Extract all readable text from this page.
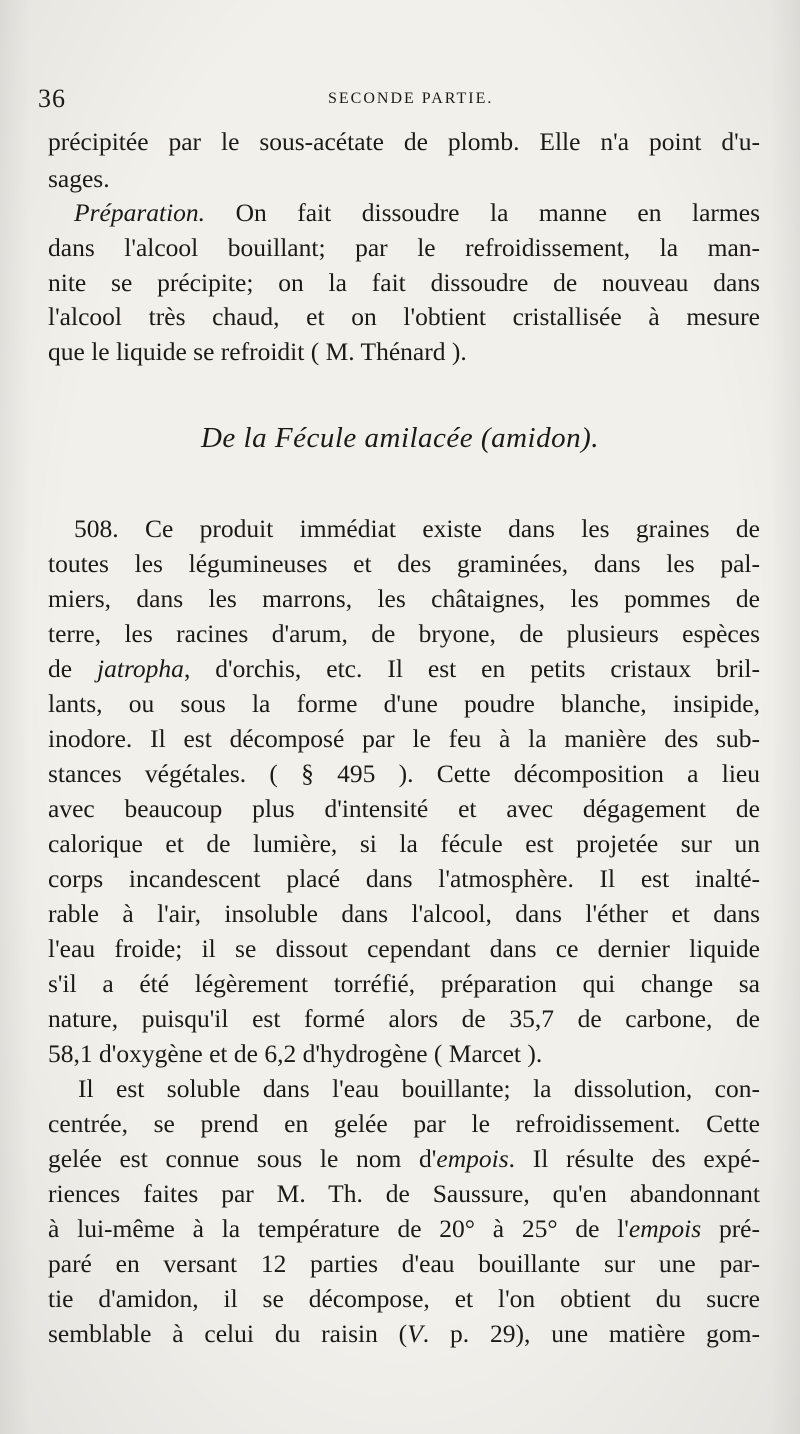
36	SECONDE PARTIE.
précipitée par le sous-acétate de plomb. Elle n'a point d'u-
sages.
Préparation. On fait dissoudre la manne en larmes
dans l'alcool bouillant; par le refroidissement, la man-
nite se précipite; on la fait dissoudre de nouveau dans
l'alcool très chaud, et on l'obtient cristallisée à mesure
que le liquide se refroidit ( M. Thénard ).
De la Fécule amilacée (amidon).
508. Ce produit immédiat existe dans les graines de
toutes les légumineuses et des graminées, dans les pal-
miers, dans les marrons, les châtaignes, les pommes de
terre, les racines d'arum, de bryone, de plusieurs espèces
de jatropha, d'orchis, etc. Il est en petits cristaux bril-
lants, ou sous la forme d'une poudre blanche, insipide,
inodore. Il est décomposé par le feu à la manière des sub-
stances végétales. ( § 495 ). Cette décomposition a lieu
avec beaucoup plus d'intensité et avec dégagement de
calorique et de lumière, si la fécule est projetée sur un
corps incandescent placé dans l'atmosphère. Il est inalté-
rable à l'air, insoluble dans l'alcool, dans l'éther et dans
l'eau froide; il se dissout cependant dans ce dernier liquide
s'il a été légèrement torréfié, préparation qui change sa
nature, puisqu'il est formé alors de 35,7 de carbone, de
58,1 d'oxygène et de 6,2 d'hydrogène ( Marcet ).
Il est soluble dans l'eau bouillante; la dissolution, con-
centrée, se prend en gelée par le refroidissement. Cette
gelée est connue sous le nom d'empois. Il résulte des expé-
riences faites par M. Th. de Saussure, qu'en abandonnant
à lui-même à la température de 20° à 25° de l'empois pré-
paré en versant 12 parties d'eau bouillante sur une par-
tie d'amidon, il se décompose, et l'on obtient du sucre
semblable à celui du raisin (V. p. 29), une matière gom-
